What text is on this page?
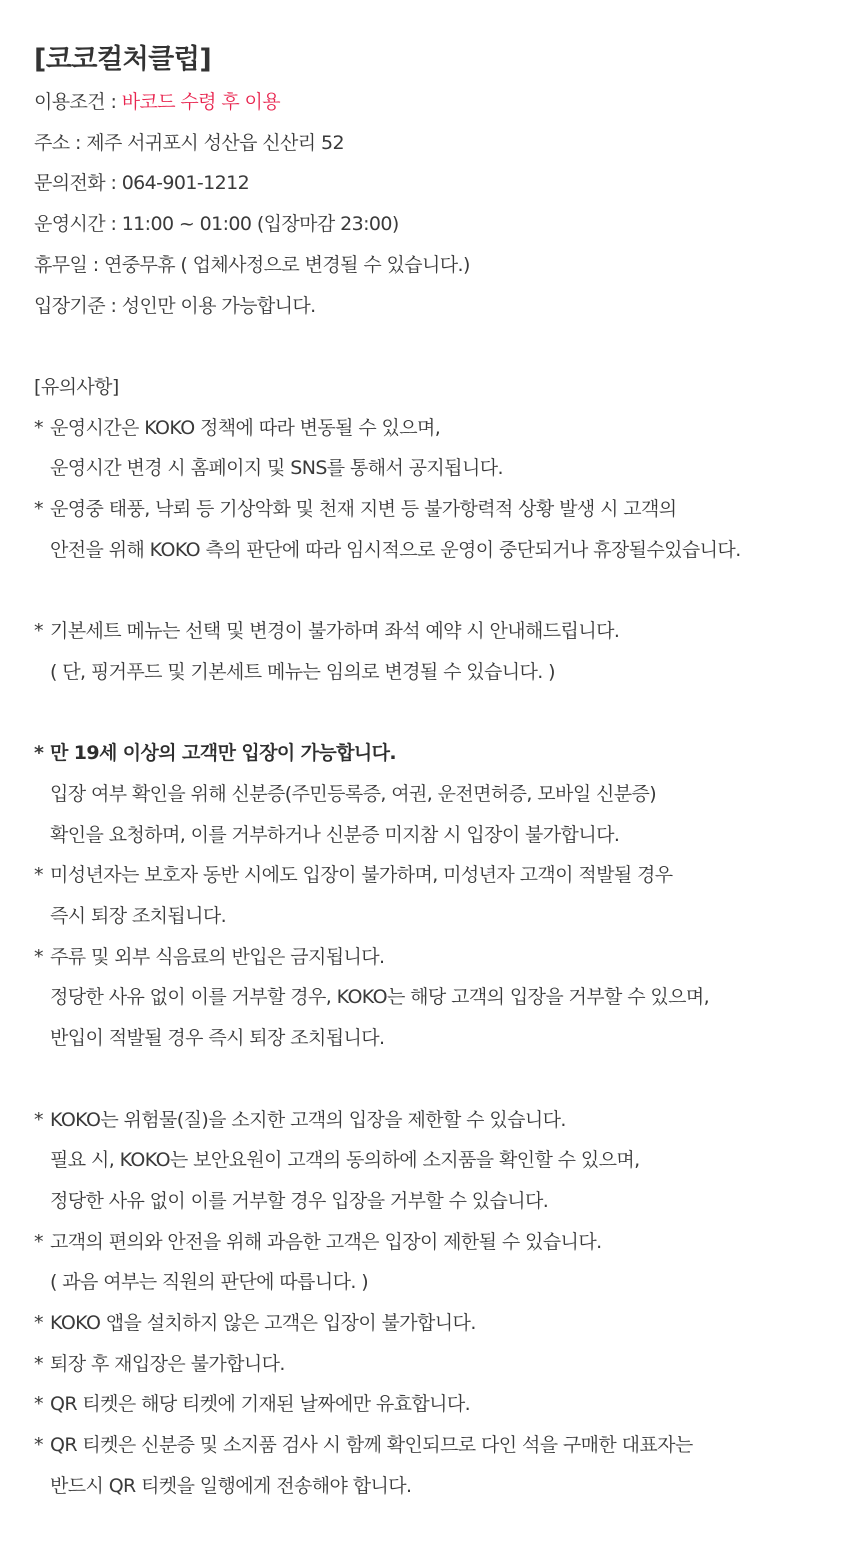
[코코컬처클럽]
이용조건 : 바코드 수령 후 이용
주소 : 제주 서귀포시 성산읍 신산리 52
문의전화 : 064-901-1212
운영시간 : 11:00 ~ 01:00 (입장마감 23:00)
휴무일 : 연중무휴 ( 업체사정으로 변경될 수 있습니다.)
입장기준 : 성인만 이용 가능합니다.
[유의사항]
* 운영시간은 KOKO 정책에 따라 변동될 수 있으며,
운영시간 변경 시 홈페이지 및 SNS를 통해서 공지됩니다.
* 운영중 태풍, 낙뢰 등 기상악화 및 천재 지변 등 불가항력적 상황 발생 시 고객의
안전을 위해 KOKO 측의 판단에 따라 임시적으로 운영이 중단되거나 휴장될수있습니다.
* 기본세트 메뉴는 선택 및 변경이 불가하며 좌석 예약 시 안내해드립니다.
( 단, 핑거푸드 및 기본세트 메뉴는 임의로 변경될 수 있습니다. )
* 만 19세 이상의 고객만 입장이 가능합니다.
입장 여부 확인을 위해 신분증(주민등록증, 여권, 운전면허증, 모바일 신분증)
확인을 요청하며, 이를 거부하거나 신분증 미지참 시 입장이 불가합니다.
* 미성년자는 보호자 동반 시에도 입장이 불가하며, 미성년자 고객이 적발될 경우
즉시 퇴장 조치됩니다.
* 주류 및 외부 식음료의 반입은 금지됩니다.
정당한 사유 없이 이를 거부할 경우, KOKO는 해당 고객의 입장을 거부할 수 있으며,
반입이 적발될 경우 즉시 퇴장 조치됩니다.
* KOKO는 위험물(질)을 소지한 고객의 입장을 제한할 수 있습니다.
필요 시, KOKO는 보안요원이 고객의 동의하에 소지품을 확인할 수 있으며,
정당한 사유 없이 이를 거부할 경우 입장을 거부할 수 있습니다.
* 고객의 편의와 안전을 위해 과음한 고객은 입장이 제한될 수 있습니다.
( 과음 여부는 직원의 판단에 따릅니다. )
* KOKO 앱을 설치하지 않은 고객은 입장이 불가합니다.
* 퇴장 후 재입장은 불가합니다.
* QR 티켓은 해당 티켓에 기재된 날짜에만 유효합니다.
* QR 티켓은 신분증 및 소지품 검사 시 함께 확인되므로 다인 석을 구매한 대표자는
반드시 QR 티켓을 일행에게 전송해야 합니다.
